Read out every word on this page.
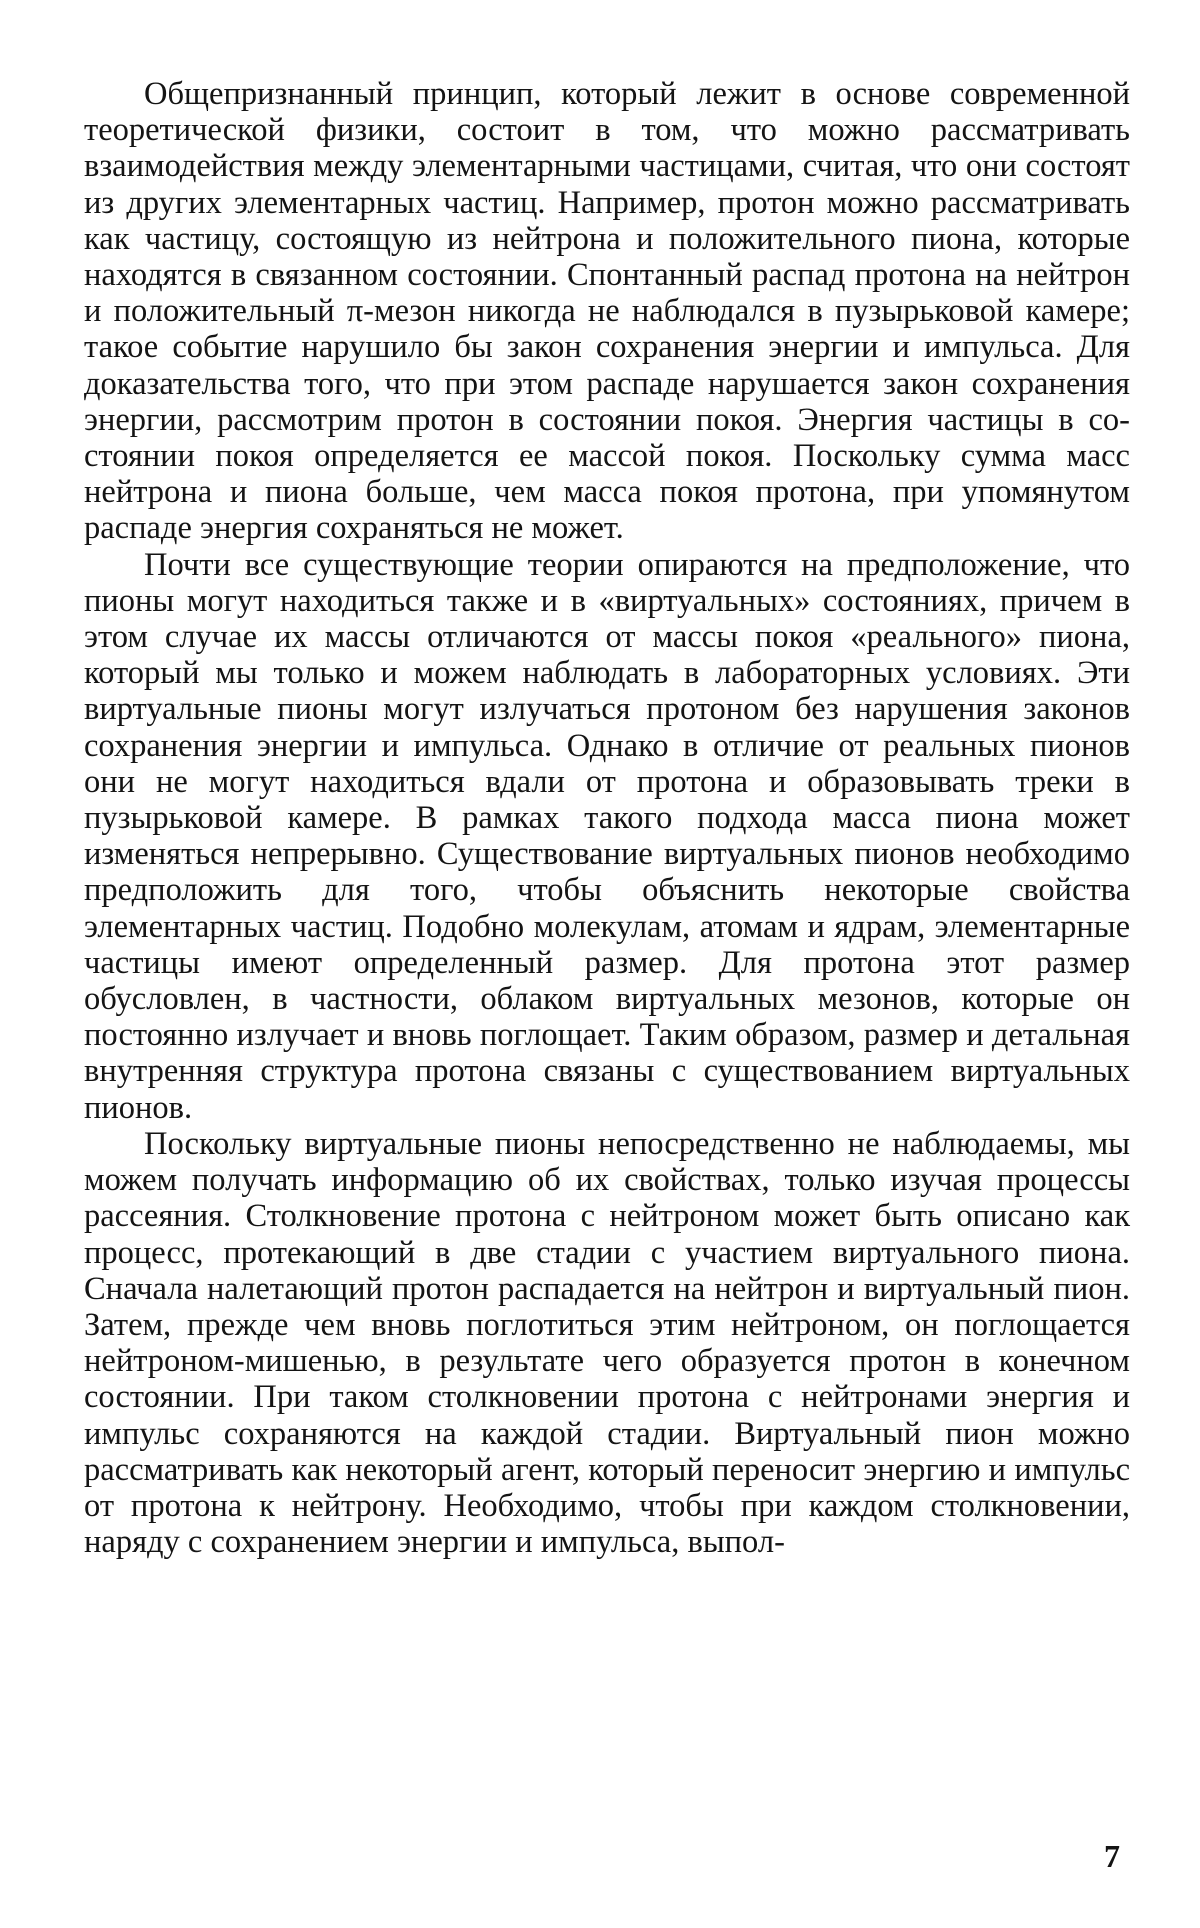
Общепризнанный принцип, который лежит в основе современной теоретической физики, состоит в том, что можно рассматривать взаимодействия между элементарными частицами, считая, что они состоят из других элементарных частиц. Например, протон можно рассматривать как частицу, состоящую из нейтрона и положительного пиона, которые находятся в связанном состоянии. Спонтанный распад протона на нейтрон и положительный π-мезон никогда не наблюдался в пузырьковой камере; такое событие нарушило бы закон сохранения энергии и импульса. Для доказательства того, что при этом распаде нарушается закон сохранения энергии, рассмотрим протон в состоянии покоя. Энергия частицы в состоянии покоя определяется ее массой покоя. Поскольку сумма масс нейтрона и пиона больше, чем масса покоя протона, при упомянутом распаде энергия сохраняться не может.

Почти все существующие теории опираются на предположение, что пионы могут находиться также и в «виртуальных» состояниях, причем в этом случае их массы отличаются от массы покоя «реального» пиона, который мы только и можем наблюдать в лабораторных условиях. Эти виртуальные пионы могут излучаться протоном без нарушения законов сохранения энергии и импульса. Однако в отличие от реальных пионов они не могут находиться вдали от протона и образовывать треки в пузырьковой камере. В рамках такого подхода масса пиона может изменяться непрерывно. Существование виртуальных пионов необходимо предположить для того, чтобы объяснить некоторые свойства элементарных частиц. Подобно молекулам, атомам и ядрам, элементарные частицы имеют определенный размер. Для протона этот размер обусловлен, в частности, облаком виртуальных мезонов, которые он постоянно излучает и вновь поглощает. Таким образом, размер и детальная внутренняя структура протона связаны с существованием виртуальных пионов.

Поскольку виртуальные пионы непосредственно не наблюдаемы, мы можем получать информацию об их свойствах, только изучая процессы рассеяния. Столкновение протона с нейтроном может быть описано как процесс, протекающий в две стадии с участием виртуального пиона. Сначала налетающий протон распадается на нейтрон и виртуальный пион. Затем, прежде чем вновь поглотиться этим нейтроном, он поглощается нейтроном-мишенью, в результате чего образуется протон в конечном состоянии. При таком столкновении протона с нейтронами энергия и импульс сохраняются на каждой стадии. Виртуальный пион можно рассматривать как некоторый агент, который переносит энергию и импульс от протона к нейтрону. Необходимо, чтобы при каждом столкновении, наряду с сохранением энергии и импульса, выпол-

7
